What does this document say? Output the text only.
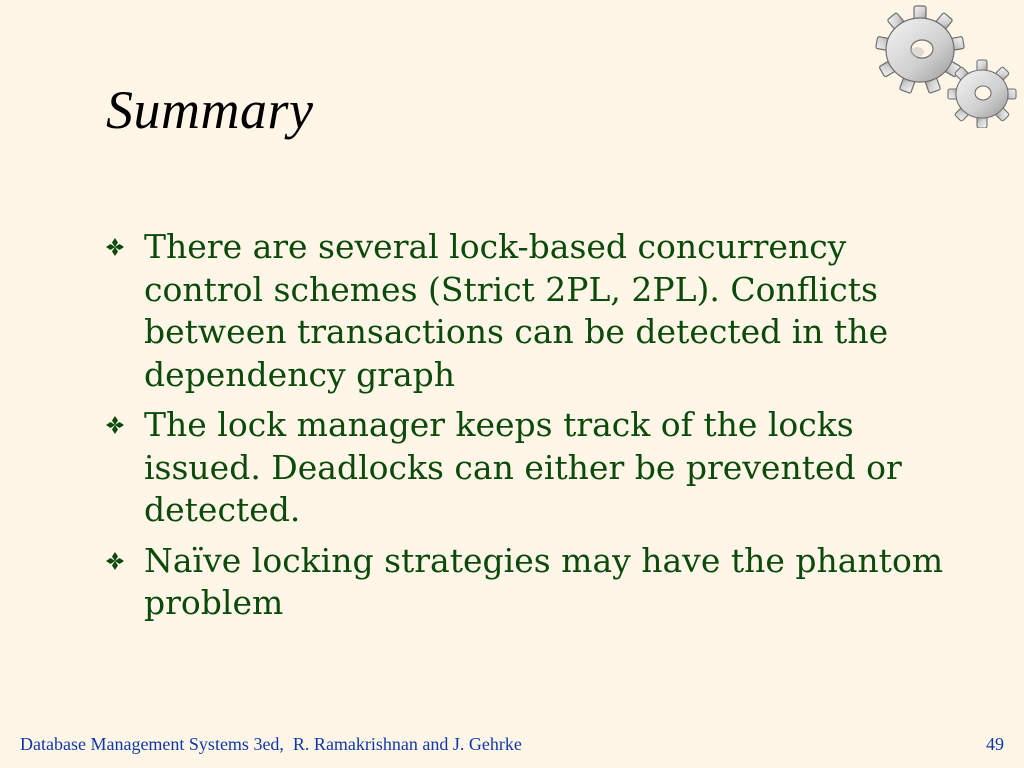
Summary
There are several lock-based concurrency control schemes (Strict 2PL, 2PL). Conflicts between transactions can be detected in the dependency graph
The lock manager keeps track of the locks issued. Deadlocks can either be prevented or detected.
Naïve locking strategies may have the phantom problem
Database Management Systems 3ed,  R. Ramakrishnan and J. Gehrke	49
